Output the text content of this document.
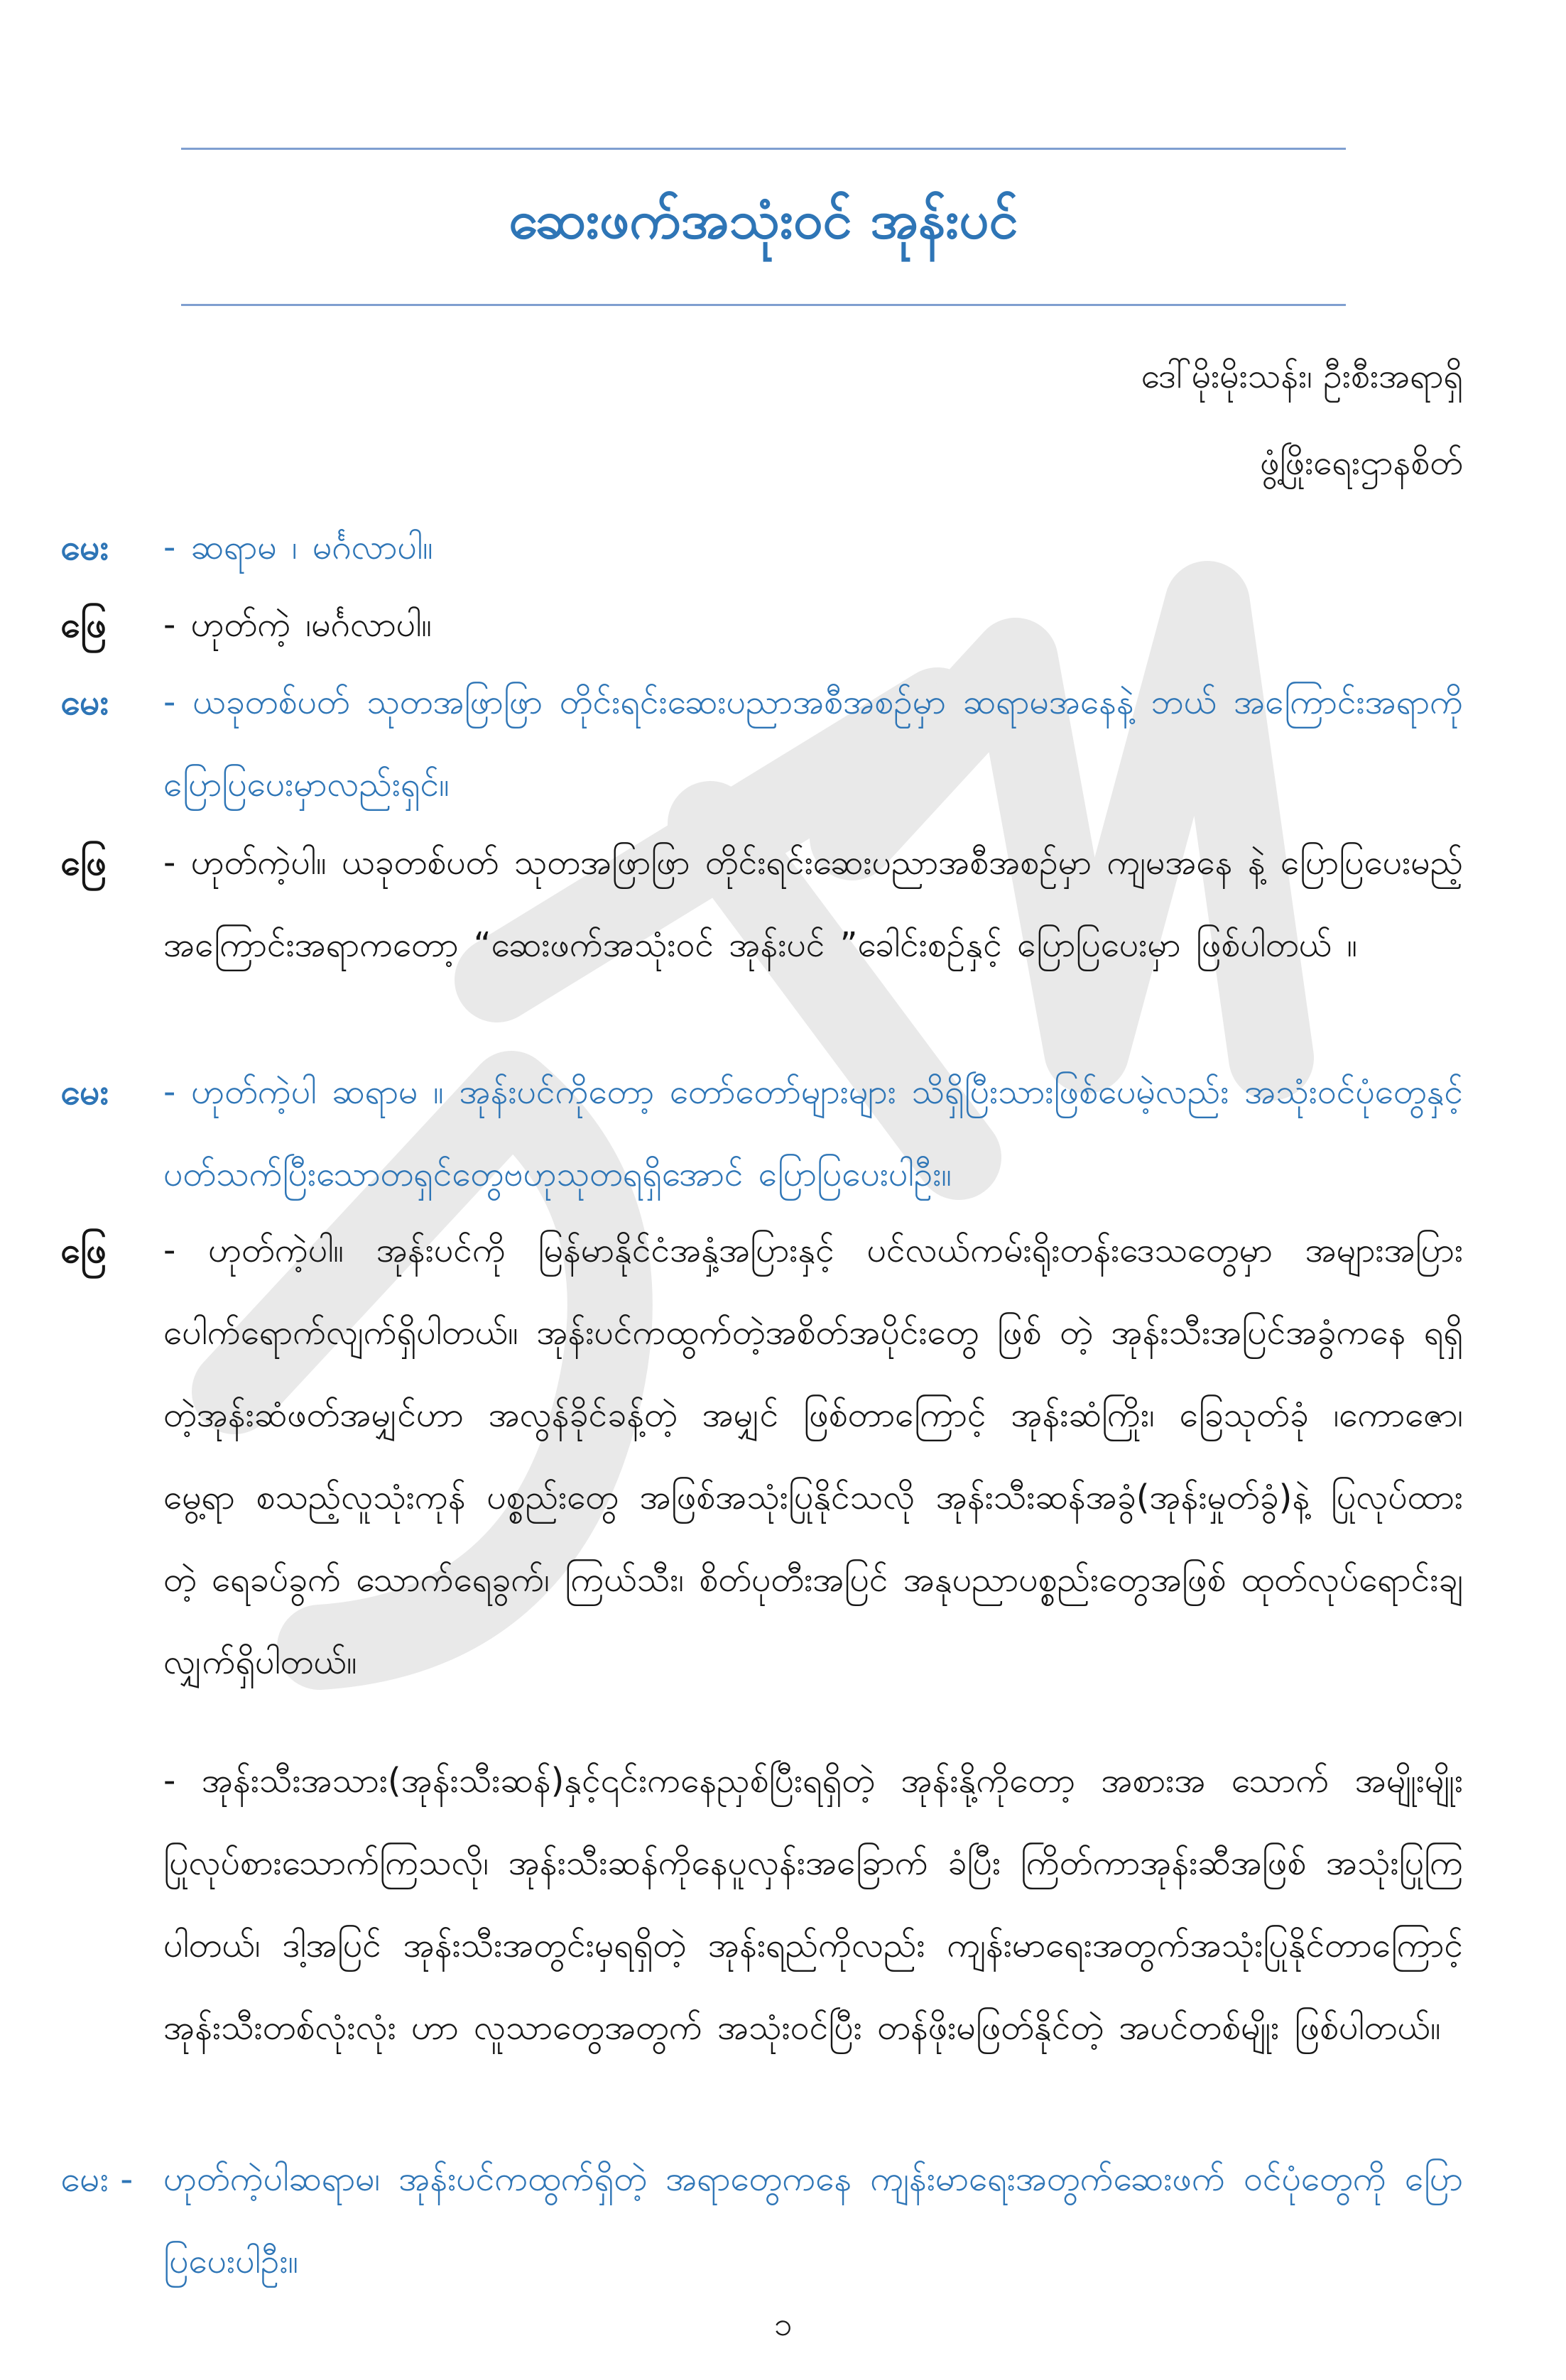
ဆေးဖက်အသုံးဝင် အုန်းပင်
ဒေါ်မိုးမိုးသန်း၊ ဦးစီးအရာရှိ
ဖွံ့ဖြိုးရေးဌာနစိတ်
မေး	- ဆရာမ ၊ မင်္ဂလာပါ။
ဖြေ	- ဟုတ်ကဲ့ ၊မင်္ဂလာပါ။
မေး	- ယခုတစ်ပတ် သုတအဖြာဖြာ တိုင်းရင်းဆေးပညာအစီအစဉ်မှာ ဆရာမအနေနဲ့ ဘယ် အကြောင်းအရာကို ပြောပြပေးမှာလည်းရှင်။
ဖြေ	- ဟုတ်ကဲ့ပါ။ ယခုတစ်ပတ် သုတအဖြာဖြာ တိုင်းရင်းဆေးပညာအစီအစဉ်မှာ ကျမအနေ နဲ့ ပြောပြပေးမည့် အကြောင်းအရာကတော့ “ဆေးဖက်အသုံးဝင် အုန်းပင် ”ခေါင်းစဉ်နှင့် ပြောပြပေးမှာ ဖြစ်ပါတယ် ။
မေး	- ဟုတ်ကဲ့ပါ ဆရာမ ။ အုန်းပင်ကိုတော့ တော်တော်များများ သိရှိပြီးသားဖြစ်ပေမဲ့လည်း အသုံးဝင်ပုံတွေနှင့်ပတ်သက်ပြီးသောတရှင်တွေဗဟုသုတရရှိအောင် ပြောပြပေးပါဦး။
ဖြေ	- ဟုတ်ကဲ့ပါ။ အုန်းပင်ကို မြန်မာနိုင်ငံအနှံ့အပြားနှင့် ပင်လယ်ကမ်းရိုးတန်းဒေသတွေမှာ အများအပြားပေါက်ရောက်လျက်ရှိပါတယ်။ အုန်းပင်ကထွက်တဲ့အစိတ်အပိုင်းတွေ ဖြစ် တဲ့ အုန်းသီးအပြင်အခွံကနေ ရရှိတဲ့အုန်းဆံဖတ်အမျှင်ဟာ အလွန်ခိုင်ခန့်တဲ့ အမျှင် ဖြစ်တာကြောင့် အုန်းဆံကြိုး၊ ခြေသုတ်ခုံ ၊ကောဇော၊ မွေ့ရာ စသည့်လူသုံးကုန် ပစ္စည်းတွေ အဖြစ်အသုံးပြုနိုင်သလို အုန်းသီးဆန်အခွံ(အုန်းမှုတ်ခွံ)နဲ့ ပြုလုပ်ထားတဲ့ ရေခပ်ခွက် သောက်ရေခွက်၊ ကြယ်သီး၊ စိတ်ပုတီးအပြင် အနုပညာပစ္စည်းတွေအဖြစ် ထုတ်လုပ်ရောင်းချလျှက်ရှိပါတယ်။
- အုန်းသီးအသား(အုန်းသီးဆန်)နှင့်၎င်းကနေညှစ်ပြီးရရှိတဲ့ အုန်းနို့ကိုတော့ အစားအ သောက် အမျိုးမျိုး ပြုလုပ်စားသောက်ကြသလို၊ အုန်းသီးဆန်ကိုနေပူလှန်းအခြောက် ခံပြီး ကြိတ်ကာအုန်းဆီအဖြစ် အသုံးပြုကြပါတယ်၊ ဒါ့အပြင် အုန်းသီးအတွင်းမှရရှိတဲ့ အုန်းရည်ကိုလည်း ကျန်းမာရေးအတွက်အသုံးပြုနိုင်တာကြောင့် အုန်းသီးတစ်လုံးလုံး ဟာ လူသာတွေအတွက် အသုံးဝင်ပြီး တန်ဖိုးမဖြတ်နိုင်တဲ့ အပင်တစ်မျိုး ဖြစ်ပါတယ်။
မေး - ဟုတ်ကဲ့ပါဆရာမ၊ အုန်းပင်ကထွက်ရှိတဲ့ အရာတွေကနေ ကျန်းမာရေးအတွက်ဆေးဖက် ဝင်ပုံတွေကို ပြောပြပေးပါဦး။
၁
